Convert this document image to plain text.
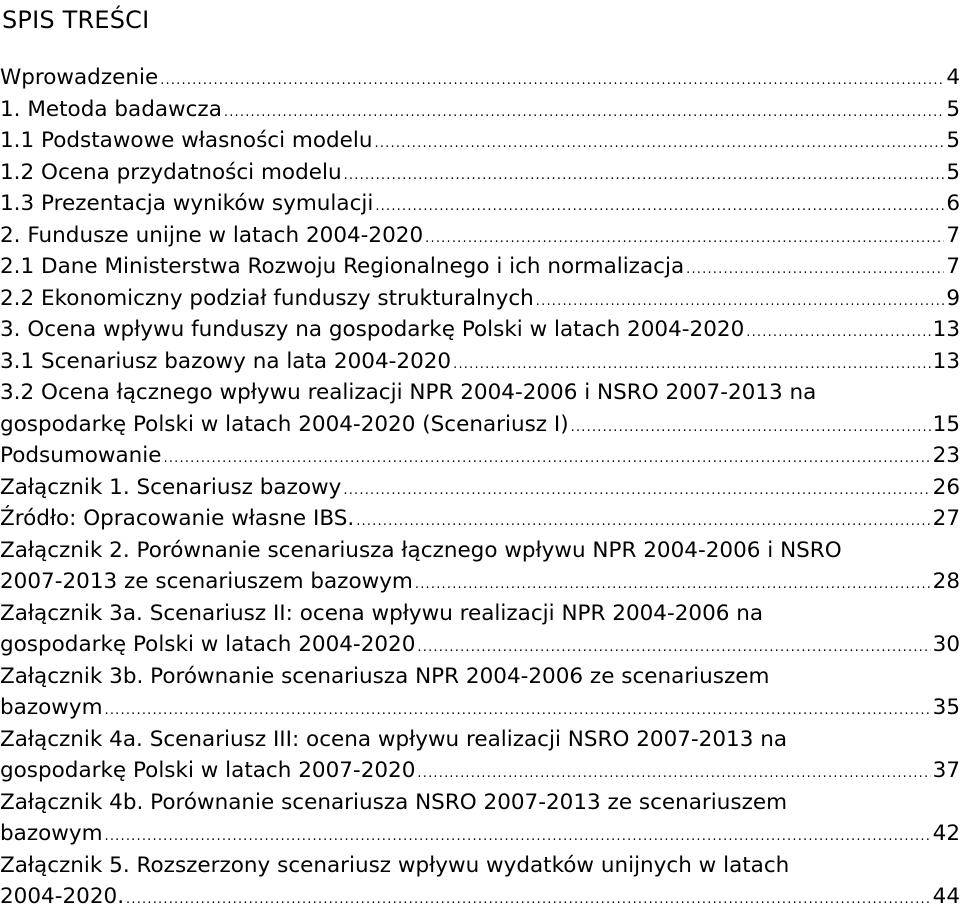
SPIS TREŚCI
Wprowadzenie .....	4
1. Metoda badawcza .....	5
1.1 Podstawowe własności modelu .....	5
1.2 Ocena przydatności modelu .....	5
1.3 Prezentacja wyników symulacji .....	6
2. Fundusze unijne w latach 2004-2020 .....	7
2.1 Dane Ministerstwa Rozwoju Regionalnego i ich normalizacja .....	7
2.2 Ekonomiczny podział funduszy strukturalnych .....	9
3. Ocena wpływu funduszy na gospodarkę Polski w latach 2004-2020 .....	13
3.1 Scenariusz bazowy na lata 2004-2020 .....	13
3.2 Ocena łącznego wpływu realizacji NPR 2004-2006 i NSRO 2007-2013 na
gospodarkę Polski w latach 2004-2020 (Scenariusz I) .....	15
Podsumowanie .....	23
Załącznik 1. Scenariusz bazowy .....	26
Źródło: Opracowanie własne IBS. .....	27
Załącznik 2. Porównanie scenariusza łącznego wpływu NPR 2004-2006 i NSRO
2007-2013 ze scenariuszem bazowym .....	28
Załącznik 3a. Scenariusz II: ocena wpływu realizacji NPR 2004-2006 na
gospodarkę Polski w latach 2004-2020 .....	30
Załącznik 3b. Porównanie scenariusza NPR 2004-2006 ze scenariuszem
bazowym .....	35
Załącznik 4a. Scenariusz III: ocena wpływu realizacji NSRO 2007-2013 na
gospodarkę Polski w latach 2007-2020 .....	37
Załącznik 4b. Porównanie scenariusza NSRO 2007-2013 ze scenariuszem
bazowym .....	42
Załącznik 5. Rozszerzony scenariusz wpływu wydatków unijnych w latach
2004-2020. .....	44
